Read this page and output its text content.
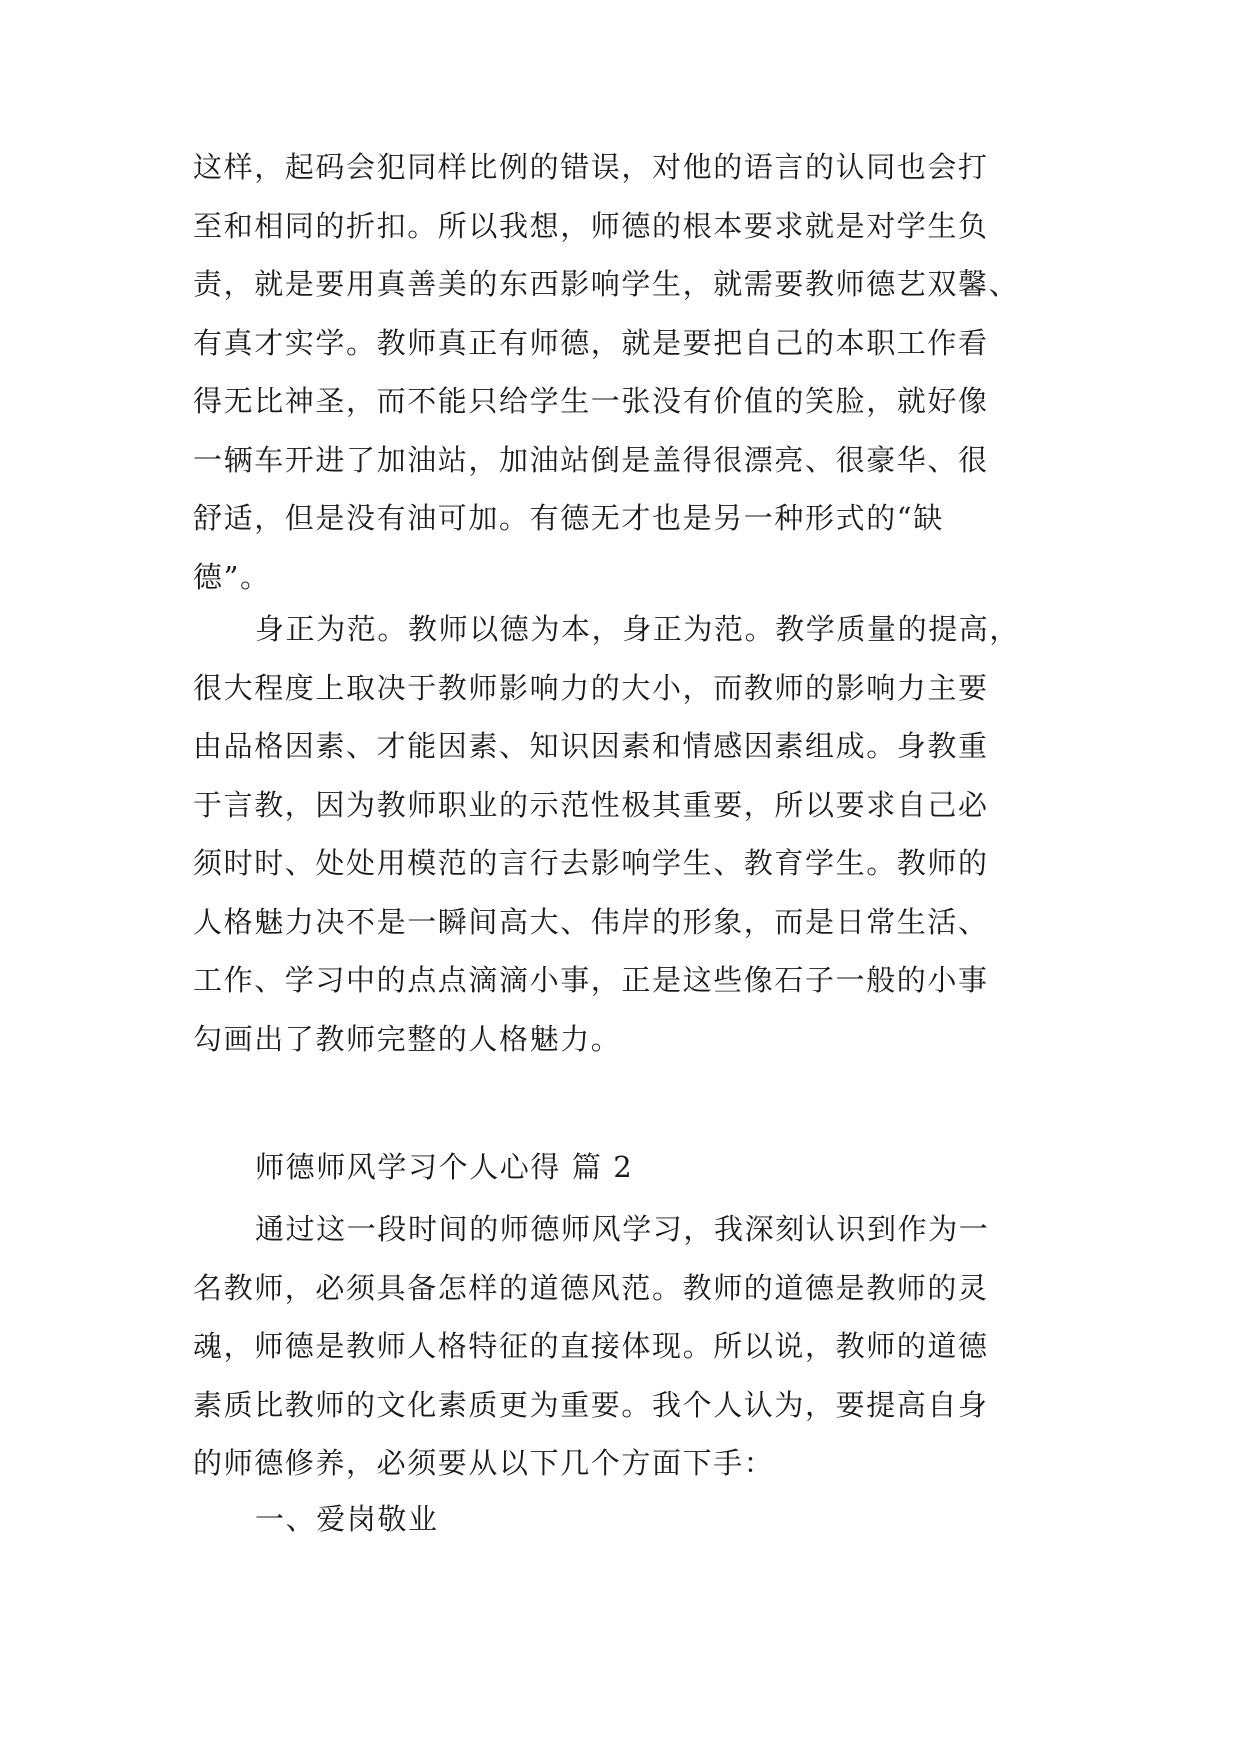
这样，起码会犯同样比例的错误，对他的语言的认同也会打
至和相同的折扣。所以我想，师德的根本要求就是对学生负
责，就是要用真善美的东西影响学生，就需要教师德艺双馨、
有真才实学。教师真正有师德，就是要把自己的本职工作看
得无比神圣，而不能只给学生一张没有价值的笑脸，就好像
一辆车开进了加油站，加油站倒是盖得很漂亮、很豪华、很
舒适，但是没有油可加。有德无才也是另一种形式的“缺
德”。

身正为范。教师以德为本，身正为范。教学质量的提高，
很大程度上取决于教师影响力的大小，而教师的影响力主要
由品格因素、才能因素、知识因素和情感因素组成。身教重
于言教，因为教师职业的示范性极其重要，所以要求自己必
须时时、处处用模范的言行去影响学生、教育学生。教师的
人格魅力决不是一瞬间高大、伟岸的形象，而是日常生活、
工作、学习中的点点滴滴小事，正是这些像石子一般的小事
勾画出了教师完整的人格魅力。

师德师风学习个人心得 篇 2

通过这一段时间的师德师风学习，我深刻认识到作为一
名教师，必须具备怎样的道德风范。教师的道德是教师的灵
魂，师德是教师人格特征的直接体现。所以说，教师的道德
素质比教师的文化素质更为重要。我个人认为，要提高自身
的师德修养，必须要从以下几个方面下手：

一、爱岗敬业
